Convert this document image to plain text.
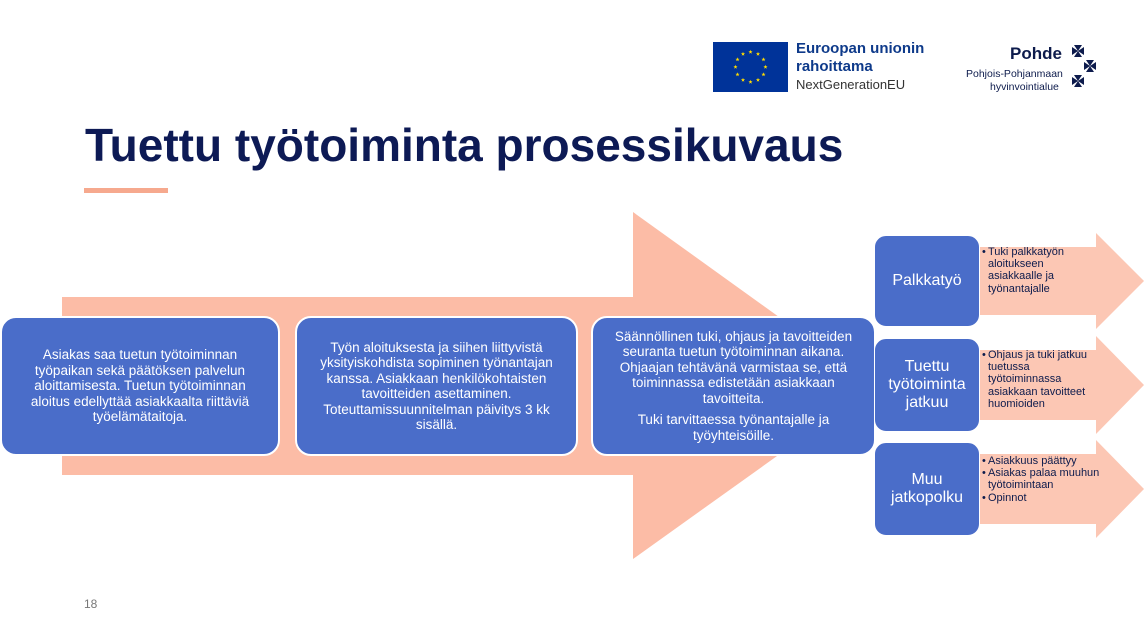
Euroopan unionin
rahoittama
NextGenerationEU
Pohde
Pohjois-Pohjanmaan
hyvinvointialue
Tuettu työtoiminta prosessikuvaus

Asiakas saa tuetun työtoiminnan työpaikan sekä päätöksen palvelun aloittamisesta. Tuetun työtoiminnan aloitus edellyttää asiakkaalta riittäviä työelämätaitoja.

Työn aloituksesta ja siihen liittyvistä yksityiskohdista sopiminen työnantajan kanssa. Asiakkaan henkilökohtaisten tavoitteiden asettaminen. Toteuttamissuunnitelman päivitys 3 kk sisällä.

Säännöllinen tuki, ohjaus ja tavoitteiden seuranta tuetun työtoiminnan aikana. Ohjaajan tehtävänä varmistaa se, että toiminnassa edistetään asiakkaan tavoitteita.

Tuki tarvittaessa työnantajalle ja työyhteisöille.

Palkkatyö
Tuettu työtoiminta jatkuu
Muu jatkopolku
• Tuki palkkatyön aloitukseen asiakkaalle ja työnantajalle
• Ohjaus ja tuki jatkuu tuetussa työtoiminnassa asiakkaan tavoitteet huomioiden
• Asiakkuus päättyy
• Asiakas palaa muuhun työtoimintaan
• Opinnot
18
